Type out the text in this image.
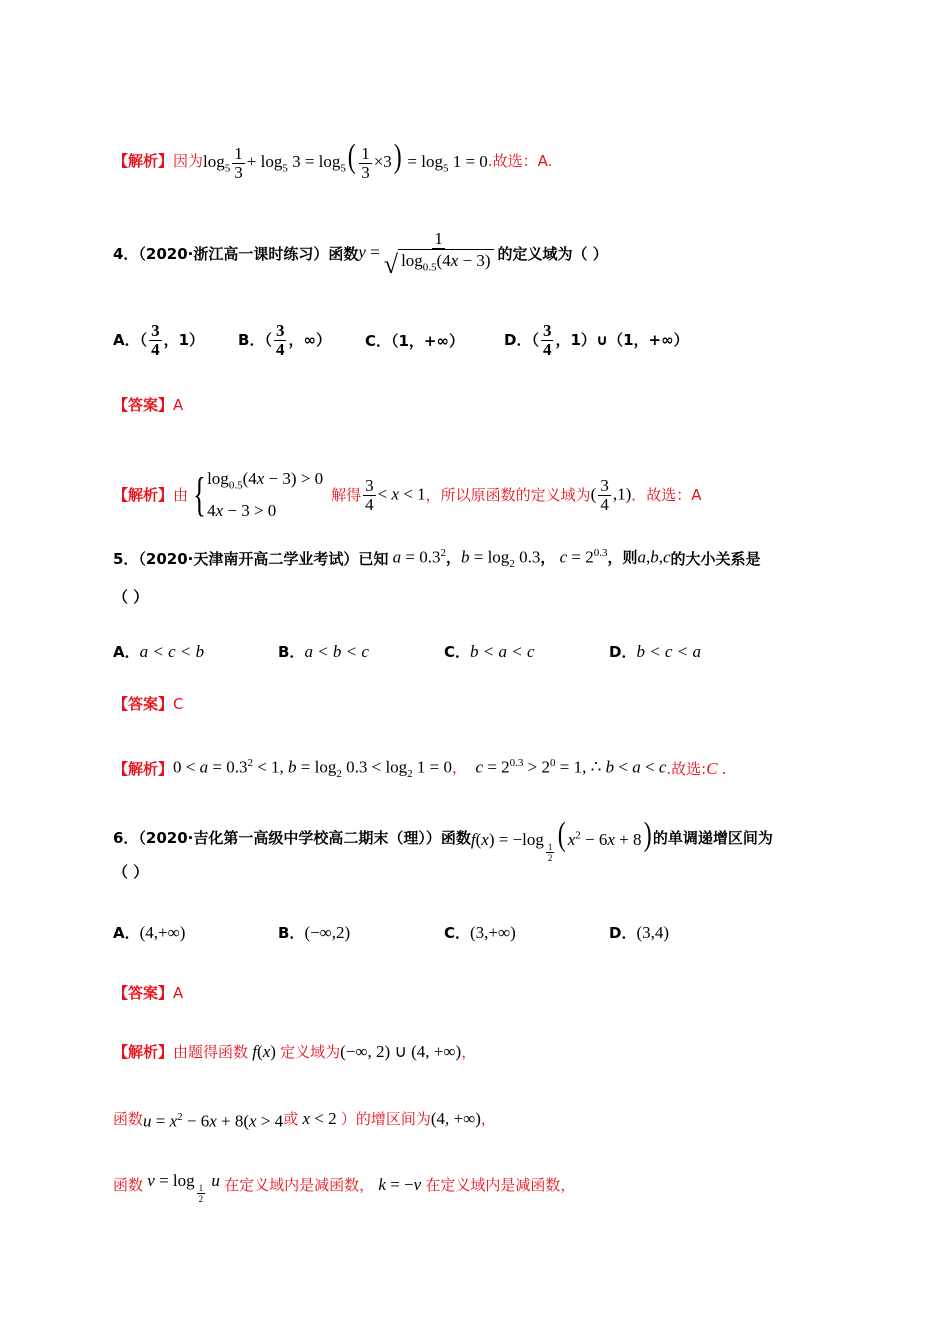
【解析】 因为 $\log_5 \frac{1}{3} + \log_5 3 = \log_5( \frac{1}{3} \times 3) = \log_5 1 = 0$ .故选：A.
4．（2020·浙江高一课时练习）函数 $y = \frac{1}{√ \log_{0.5}(4x - 3)}$ 的定义域为（ ）
A．（ $\frac{3}{4}$ ，1） B．（ $\frac{3}{4}$ ，∞） C．（1，+∞）	D．（ $\frac{3}{4}$ ，1）∪（1，+∞）
【答案】 A
【解析】 由 { $\log_{0.5}(4x - 3) > 0$
4x − 3 > 0
解得 $\frac{3}{4} < x < 1$ ，所以原函数的定义域为 ( $\frac{3}{4} ,1$) ．故选：A
5．（2020·天津南开高二学业考试）已知 $a = 0.3^2$，$b = \log_2 0.3$， $c = 2^{0.3}$，则a,b,c 的大小关系是
（ ）
A．a < c < b	B．a < b < c	C．b < a < c	D．b < c < a
【答案】 C
【解析】 $0 < a = 0.3^2 < 1$, $b = \log_2 0.3 < \log_2 1 = 0$， $c = 2^{0.3} > 2^0 = 1$, ∴ b < a < c .故选: C .
6．（2020·吉化第一高级中学校高二期末（理））函数 f(x) = −log
$_{\frac{1}{2}}$ $(x^2 - 6x + 8)$ 的单调递增区间为
（ ）
A．(4,+∞)	B．(−∞,2)	C．(3,+∞)	D．(3,4)
【答案】 A
【解析】 由题得函数 f(x) 定义域为 (−∞, 2) ∪ (4, +∞) ，
函数 $u = x^2 - 6x + 8(x > 4$ 或 x < 2 ）的增区间为 (4, +∞) ，
函数 v = log
$_{\frac{1}{2}}$
u 在定义域内是减函数， k = −v 在定义域内是减函数，
